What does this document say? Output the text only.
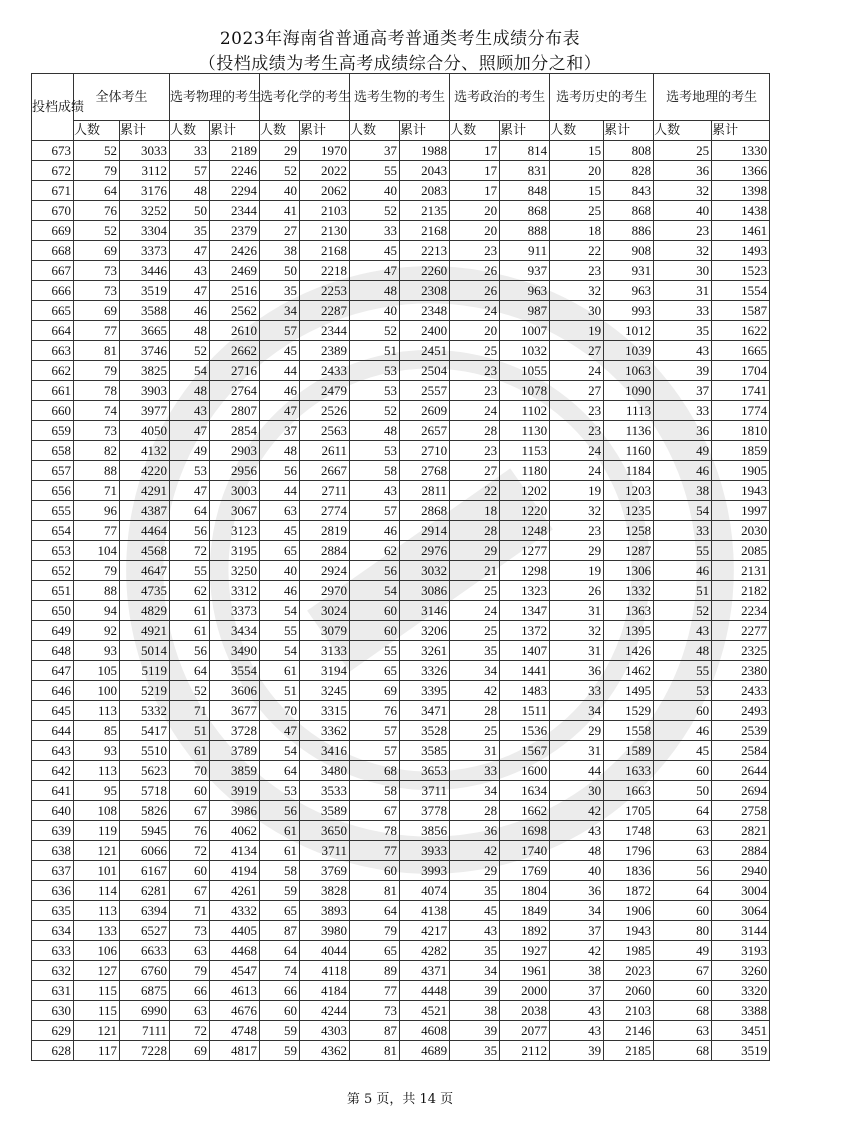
2023年海南省普通高考普通类考生成绩分布表
（投档成绩为考生高考成绩综合分、照顾加分之和）
投档成绩	全体考生		选考物理的考生		选考化学的考生		选考生物的考生		选考政治的考生		选考历史的考生		选考地理的考生	
	人数	累计	人数	累计	人数	累计	人数	累计	人数	累计	人数	累计	人数	累计
673	52	3033	33	2189	29	1970	37	1988	17	814	15	808	25	1330
672	79	3112	57	2246	52	2022	55	2043	17	831	20	828	36	1366
671	64	3176	48	2294	40	2062	40	2083	17	848	15	843	32	1398
670	76	3252	50	2344	41	2103	52	2135	20	868	25	868	40	1438
669	52	3304	35	2379	27	2130	33	2168	20	888	18	886	23	1461
668	69	3373	47	2426	38	2168	45	2213	23	911	22	908	32	1493
667	73	3446	43	2469	50	2218	47	2260	26	937	23	931	30	1523
666	73	3519	47	2516	35	2253	48	2308	26	963	32	963	31	1554
665	69	3588	46	2562	34	2287	40	2348	24	987	30	993	33	1587
664	77	3665	48	2610	57	2344	52	2400	20	1007	19	1012	35	1622
663	81	3746	52	2662	45	2389	51	2451	25	1032	27	1039	43	1665
662	79	3825	54	2716	44	2433	53	2504	23	1055	24	1063	39	1704
661	78	3903	48	2764	46	2479	53	2557	23	1078	27	1090	37	1741
660	74	3977	43	2807	47	2526	52	2609	24	1102	23	1113	33	1774
659	73	4050	47	2854	37	2563	48	2657	28	1130	23	1136	36	1810
658	82	4132	49	2903	48	2611	53	2710	23	1153	24	1160	49	1859
657	88	4220	53	2956	56	2667	58	2768	27	1180	24	1184	46	1905
656	71	4291	47	3003	44	2711	43	2811	22	1202	19	1203	38	1943
655	96	4387	64	3067	63	2774	57	2868	18	1220	32	1235	54	1997
654	77	4464	56	3123	45	2819	46	2914	28	1248	23	1258	33	2030
653	104	4568	72	3195	65	2884	62	2976	29	1277	29	1287	55	2085
652	79	4647	55	3250	40	2924	56	3032	21	1298	19	1306	46	2131
651	88	4735	62	3312	46	2970	54	3086	25	1323	26	1332	51	2182
650	94	4829	61	3373	54	3024	60	3146	24	1347	31	1363	52	2234
649	92	4921	61	3434	55	3079	60	3206	25	1372	32	1395	43	2277
648	93	5014	56	3490	54	3133	55	3261	35	1407	31	1426	48	2325
647	105	5119	64	3554	61	3194	65	3326	34	1441	36	1462	55	2380
646	100	5219	52	3606	51	3245	69	3395	42	1483	33	1495	53	2433
645	113	5332	71	3677	70	3315	76	3471	28	1511	34	1529	60	2493
644	85	5417	51	3728	47	3362	57	3528	25	1536	29	1558	46	2539
643	93	5510	61	3789	54	3416	57	3585	31	1567	31	1589	45	2584
642	113	5623	70	3859	64	3480	68	3653	33	1600	44	1633	60	2644
641	95	5718	60	3919	53	3533	58	3711	34	1634	30	1663	50	2694
640	108	5826	67	3986	56	3589	67	3778	28	1662	42	1705	64	2758
639	119	5945	76	4062	61	3650	78	3856	36	1698	43	1748	63	2821
638	121	6066	72	4134	61	3711	77	3933	42	1740	48	1796	63	2884
637	101	6167	60	4194	58	3769	60	3993	29	1769	40	1836	56	2940
636	114	6281	67	4261	59	3828	81	4074	35	1804	36	1872	64	3004
635	113	6394	71	4332	65	3893	64	4138	45	1849	34	1906	60	3064
634	133	6527	73	4405	87	3980	79	4217	43	1892	37	1943	80	3144
633	106	6633	63	4468	64	4044	65	4282	35	1927	42	1985	49	3193
632	127	6760	79	4547	74	4118	89	4371	34	1961	38	2023	67	3260
631	115	6875	66	4613	66	4184	77	4448	39	2000	37	2060	60	3320
630	115	6990	63	4676	60	4244	73	4521	38	2038	43	2103	68	3388
629	121	7111	72	4748	59	4303	87	4608	39	2077	43	2146	63	3451
628	117	7228	69	4817	59	4362	81	4689	35	2112	39	2185	68	3519
第 5 页，共 14 页
